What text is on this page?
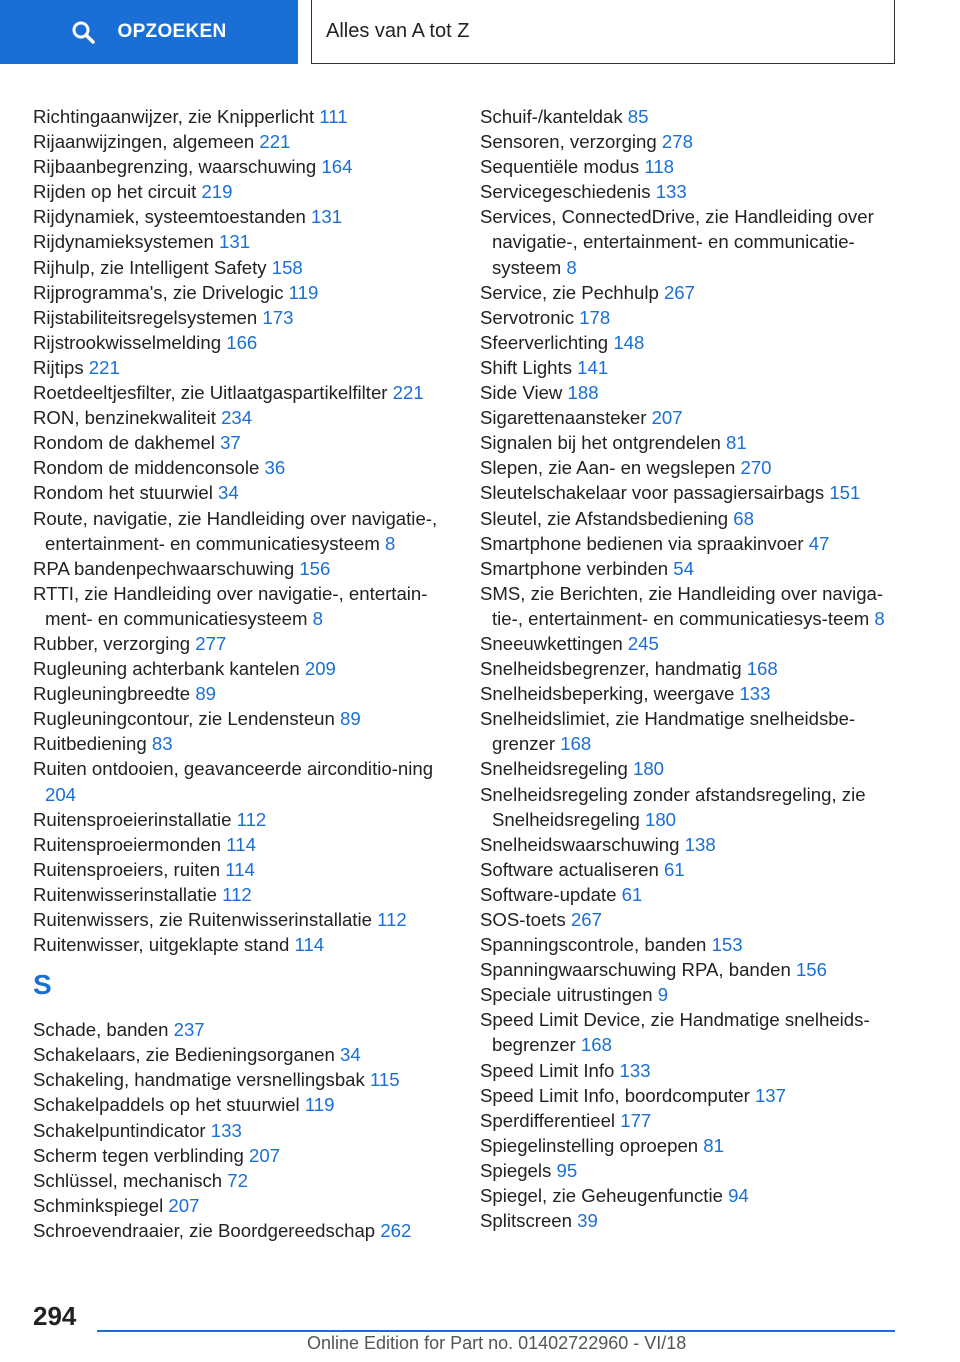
OPZOEKEN	Alles van A tot Z
Richtingaanwijzer, zie Knipperlicht 111
Rijaanwijzingen, algemeen 221
Rijbaanbegrenzing, waarschuwing 164
Rijden op het circuit 219
Rijdynamiek, systeemtoestanden 131
Rijdynamieksystemen 131
Rijhulp, zie Intelligent Safety 158
Rijprogramma's, zie Drivelogic 119
Rijstabiliteitsregelsystemen 173
Rijstrookwisselmelding 166
Rijtips 221
Roetdeeltjesfilter, zie Uitlaatgaspartikelfilter 221
RON, benzinekwaliteit 234
Rondom de dakhemel 37
Rondom de middenconsole 36
Rondom het stuurwiel 34
Route, navigatie, zie Handleiding over navigatie-, entertainment- en communicatiesysteem 8
RPA bandenpechwaarschuwing 156
RTTI, zie Handleiding over navigatie-, entertain-ment- en communicatiesysteem 8
Rubber, verzorging 277
Rugleuning achterbank kantelen 209
Rugleuningbreedte 89
Rugleuningcontour, zie Lendensteun 89
Ruitbediening 83
Ruiten ontdooien, geavanceerde airconditio-ning 204
Ruitensproeierinstallatie 112
Ruitensproeiermonden 114
Ruitensproeiers, ruiten 114
Ruitenwisserinstallatie 112
Ruitenwissers, zie Ruitenwisserinstallatie 112
Ruitenwisser, uitgeklapte stand 114
S
Schade, banden 237
Schakelaars, zie Bedieningsorganen 34
Schakeling, handmatige versnellingsbak 115
Schakelpaddels op het stuurwiel 119
Schakelpuntindicator 133
Scherm tegen verblinding 207
Schlüssel, mechanisch 72
Schminkspiegel 207
Schroevendraaier, zie Boordgereedschap 262
Schuif-/kanteldak 85
Sensoren, verzorging 278
Sequentiële modus 118
Servicegeschiedenis 133
Services, ConnectedDrive, zie Handleiding over navigatie-, entertainment- en communicatie-systeem 8
Service, zie Pechhulp 267
Servotronic 178
Sfeerverlichting 148
Shift Lights 141
Side View 188
Sigarettenaansteker 207
Signalen bij het ontgrendelen 81
Slepen, zie Aan- en wegslepen 270
Sleutelschakelaar voor passagiersairbags 151
Sleutel, zie Afstandsbediening 68
Smartphone bedienen via spraakinvoer 47
Smartphone verbinden 54
SMS, zie Berichten, zie Handleiding over naviga-tie-, entertainment- en communicatiesys-teem 8
Sneeuwkettingen 245
Snelheidsbegrenzer, handmatig 168
Snelheidsbeperking, weergave 133
Snelheidslimiet, zie Handmatige snelheidsbe-grenzer 168
Snelheidsregeling 180
Snelheidsregeling zonder afstandsregeling, zie Snelheidsregeling 180
Snelheidswaarschuwing 138
Software actualiseren 61
Software-update 61
SOS-toets 267
Spanningscontrole, banden 153
Spanningwaarschuwing RPA, banden 156
Speciale uitrustingen 9
Speed Limit Device, zie Handmatige snelheids-begrenzer 168
Speed Limit Info 133
Speed Limit Info, boordcomputer 137
Sperdifferentieel 177
Spiegelinstelling oproepen 81
Spiegels 95
Spiegel, zie Geheugenfunctie 94
Splitscreen 39
294
Online Edition for Part no. 01402722960 - VI/18
